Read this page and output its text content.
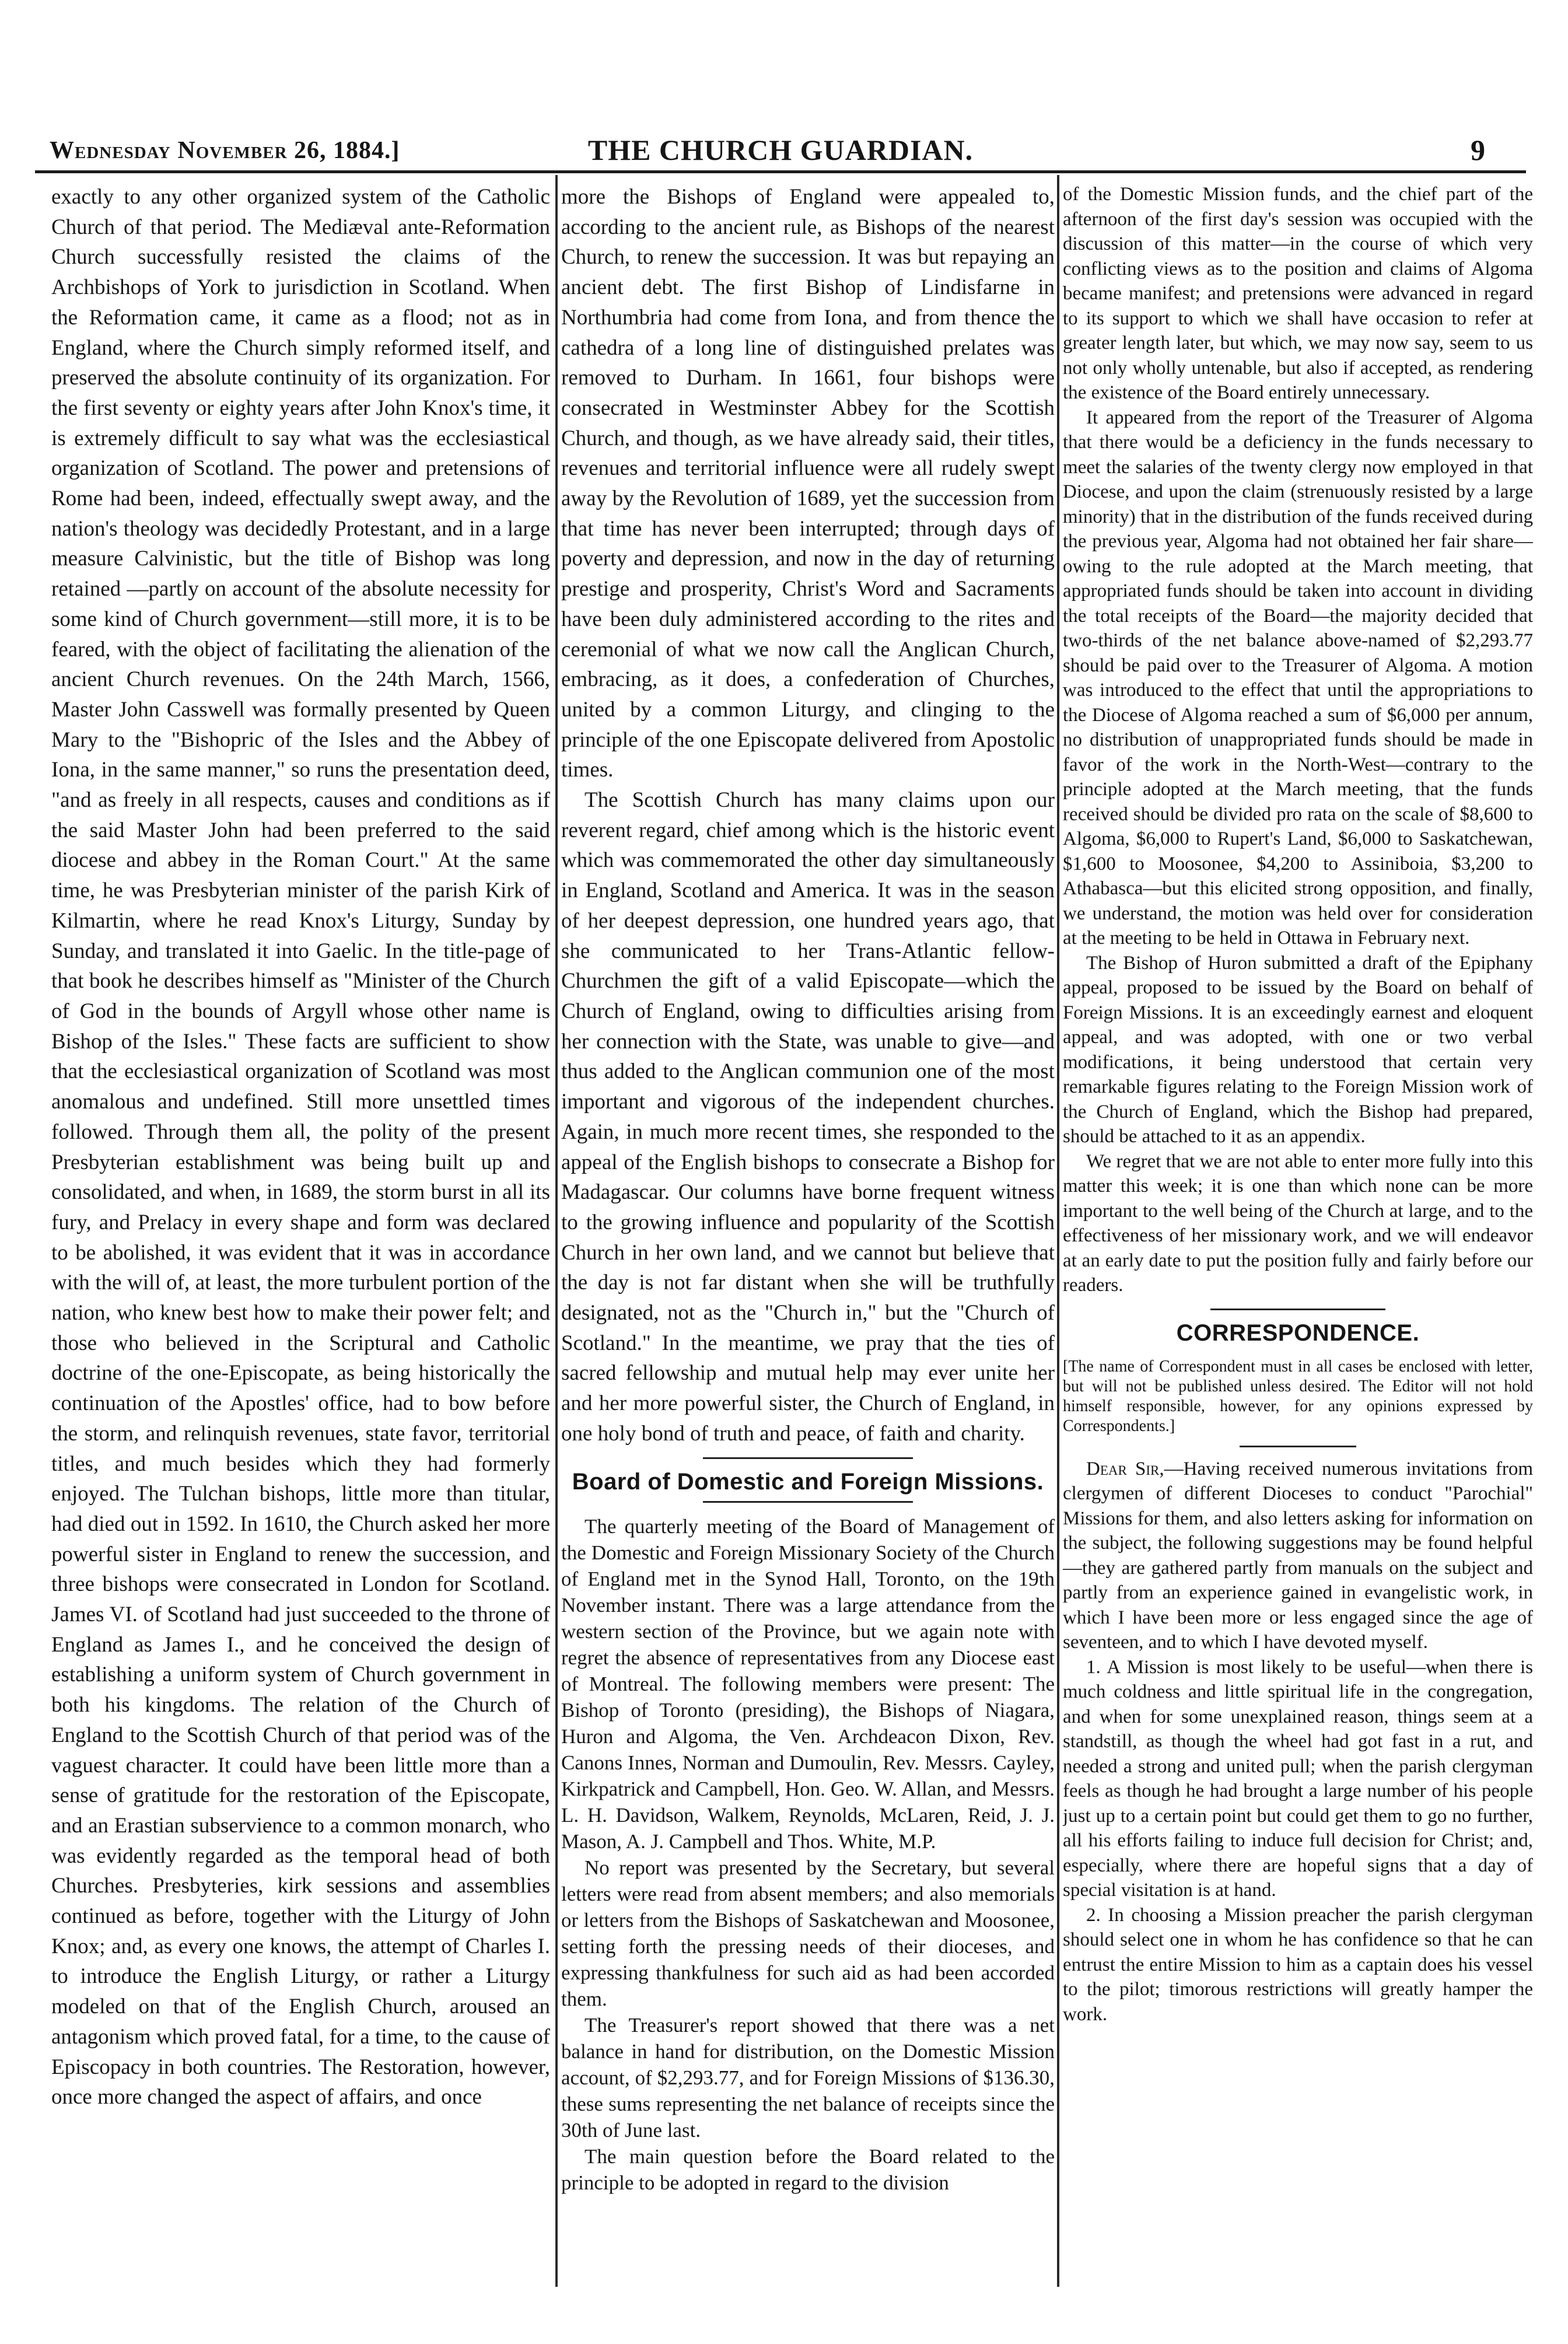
Wednesday November 26, 1884.]	THE CHURCH GUARDIAN.	9

exactly to any other organized system of the Catholic Church of that period. The Mediæval ante-Reformation Church successfully resisted the claims of the Archbishops of York to jurisdiction in Scotland. When the Reformation came, it came as a flood; not as in England, where the Church simply reformed itself, and preserved the absolute continuity of its organization. For the first seventy or eighty years after John Knox's time, it is extremely difficult to say what was the ecclesiastical organization of Scotland. The power and pretensions of Rome had been, indeed, effectually swept away, and the nation's theology was decidedly Protestant, and in a large measure Calvinistic, but the title of Bishop was long retained —partly on account of the absolute necessity for some kind of Church government—still more, it is to be feared, with the object of facilitating the alienation of the ancient Church revenues. On the 24th March, 1566, Master John Casswell was formally presented by Queen Mary to the "Bishopric of the Isles and the Abbey of Iona, in the same manner," so runs the presentation deed, "and as freely in all respects, causes and conditions as if the said Master John had been preferred to the said diocese and abbey in the Roman Court." At the same time, he was Presbyterian minister of the parish Kirk of Kilmartin, where he read Knox's Liturgy, Sunday by Sunday, and translated it into Gaelic. In the title-page of that book he describes himself as "Minister of the Church of God in the bounds of Argyll whose other name is Bishop of the Isles." These facts are sufficient to show that the ecclesiastical organization of Scotland was most anomalous and undefined. Still more unsettled times followed. Through them all, the polity of the present Presbyterian establishment was being built up and consolidated, and when, in 1689, the storm burst in all its fury, and Prelacy in every shape and form was declared to be abolished, it was evident that it was in accordance with the will of, at least, the more turbulent portion of the nation, who knew best how to make their power felt; and those who believed in the Scriptural and Catholic doctrine of the one-Episcopate, as being historically the continuation of the Apostles' office, had to bow before the storm, and relinquish revenues, state favor, territorial titles, and much besides which they had formerly enjoyed. The Tulchan bishops, little more than titular, had died out in 1592. In 1610, the Church asked her more powerful sister in England to renew the succession, and three bishops were consecrated in London for Scotland. James VI. of Scotland had just succeeded to the throne of England as James I., and he conceived the design of establishing a uniform system of Church government in both his kingdoms. The relation of the Church of England to the Scottish Church of that period was of the vaguest character. It could have been little more than a sense of gratitude for the restoration of the Episcopate, and an Erastian subservience to a common monarch, who was evidently regarded as the temporal head of both Churches. Presbyteries, kirk sessions and assemblies continued as before, together with the Liturgy of John Knox; and, as every one knows, the attempt of Charles I. to introduce the English Liturgy, or rather a Liturgy modeled on that of the English Church, aroused an antagonism which proved fatal, for a time, to the cause of Episcopacy in both countries. The Restoration, however, once more changed the aspect of affairs, and once

more the Bishops of England were appealed to, according to the ancient rule, as Bishops of the nearest Church, to renew the succession. It was but repaying an ancient debt. The first Bishop of Lindisfarne in Northumbria had come from Iona, and from thence the cathedra of a long line of distinguished prelates was removed to Durham. In 1661, four bishops were consecrated in Westminster Abbey for the Scottish Church, and though, as we have already said, their titles, revenues and territorial influence were all rudely swept away by the Revolution of 1689, yet the succession from that time has never been interrupted; through days of poverty and depression, and now in the day of returning prestige and prosperity, Christ's Word and Sacraments have been duly administered according to the rites and ceremonial of what we now call the Anglican Church, embracing, as it does, a confederation of Churches, united by a common Liturgy, and clinging to the principle of the one Episcopate delivered from Apostolic times.

The Scottish Church has many claims upon our reverent regard, chief among which is the historic event which was commemorated the other day simultaneously in England, Scotland and America. It was in the season of her deepest depression, one hundred years ago, that she communicated to her Trans-Atlantic fellow-Churchmen the gift of a valid Episcopate—which the Church of England, owing to difficulties arising from her connection with the State, was unable to give—and thus added to the Anglican communion one of the most important and vigorous of the independent churches. Again, in much more recent times, she responded to the appeal of the English bishops to consecrate a Bishop for Madagascar. Our columns have borne frequent witness to the growing influence and popularity of the Scottish Church in her own land, and we cannot but believe that the day is not far distant when she will be truthfully designated, not as the "Church in," but the "Church of Scotland." In the meantime, we pray that the ties of sacred fellowship and mutual help may ever unite her and her more powerful sister, the Church of England, in one holy bond of truth and peace, of faith and charity.

Board of Domestic and Foreign Missions.

The quarterly meeting of the Board of Management of the Domestic and Foreign Missionary Society of the Church of England met in the Synod Hall, Toronto, on the 19th November instant. There was a large attendance from the western section of the Province, but we again note with regret the absence of representatives from any Diocese east of Montreal. The following members were present: The Bishop of Toronto (presiding), the Bishops of Niagara, Huron and Algoma, the Ven. Archdeacon Dixon, Rev. Canons Innes, Norman and Dumoulin, Rev. Messrs. Cayley, Kirkpatrick and Campbell, Hon. Geo. W. Allan, and Messrs. L. H. Davidson, Walkem, Reynolds, McLaren, Reid, J. J. Mason, A. J. Campbell and Thos. White, M.P.

No report was presented by the Secretary, but several letters were read from absent members; and also memorials or letters from the Bishops of Saskatchewan and Moosonee, setting forth the pressing needs of their dioceses, and expressing thankfulness for such aid as had been accorded them.

The Treasurer's report showed that there was a net balance in hand for distribution, on the Domestic Mission account, of $2,293.77, and for Foreign Missions of $136.30, these sums representing the net balance of receipts since the 30th of June last.

The main question before the Board related to the principle to be adopted in regard to the division

of the Domestic Mission funds, and the chief part of the afternoon of the first day's session was occupied with the discussion of this matter—in the course of which very conflicting views as to the position and claims of Algoma became manifest; and pretensions were advanced in regard to its support to which we shall have occasion to refer at greater length later, but which, we may now say, seem to us not only wholly untenable, but also if accepted, as rendering the existence of the Board entirely unnecessary.

It appeared from the report of the Treasurer of Algoma that there would be a deficiency in the funds necessary to meet the salaries of the twenty clergy now employed in that Diocese, and upon the claim (strenuously resisted by a large minority) that in the distribution of the funds received during the previous year, Algoma had not obtained her fair share—owing to the rule adopted at the March meeting, that appropriated funds should be taken into account in dividing the total receipts of the Board—the majority decided that two-thirds of the net balance above-named of $2,293.77 should be paid over to the Treasurer of Algoma. A motion was introduced to the effect that until the appropriations to the Diocese of Algoma reached a sum of $6,000 per annum, no distribution of unappropriated funds should be made in favor of the work in the North-West—contrary to the principle adopted at the March meeting, that the funds received should be divided pro rata on the scale of $8,600 to Algoma, $6,000 to Rupert's Land, $6,000 to Saskatchewan, $1,600 to Moosonee, $4,200 to Assiniboia, $3,200 to Athabasca—but this elicited strong opposition, and finally, we understand, the motion was held over for consideration at the meeting to be held in Ottawa in February next.

The Bishop of Huron submitted a draft of the Epiphany appeal, proposed to be issued by the Board on behalf of Foreign Missions. It is an exceedingly earnest and eloquent appeal, and was adopted, with one or two verbal modifications, it being understood that certain very remarkable figures relating to the Foreign Mission work of the Church of England, which the Bishop had prepared, should be attached to it as an appendix.

We regret that we are not able to enter more fully into this matter this week; it is one than which none can be more important to the well being of the Church at large, and to the effectiveness of her missionary work, and we will endeavor at an early date to put the position fully and fairly before our readers.

CORRESPONDENCE.

[The name of Correspondent must in all cases be enclosed with letter, but will not be published unless desired. The Editor will not hold himself responsible, however, for any opinions expressed by Correspondents.]

Dear Sir,—Having received numerous invitations from clergymen of different Dioceses to conduct "Parochial" Missions for them, and also letters asking for information on the subject, the following suggestions may be found helpful—they are gathered partly from manuals on the subject and partly from an experience gained in evangelistic work, in which I have been more or less engaged since the age of seventeen, and to which I have devoted myself.

1. A Mission is most likely to be useful—when there is much coldness and little spiritual life in the congregation, and when for some unexplained reason, things seem at a standstill, as though the wheel had got fast in a rut, and needed a strong and united pull; when the parish clergyman feels as though he had brought a large number of his people just up to a certain point but could get them to go no further, all his efforts failing to induce full decision for Christ; and, especially, where there are hopeful signs that a day of special visitation is at hand.

2. In choosing a Mission preacher the parish clergyman should select one in whom he has confidence so that he can entrust the entire Mission to him as a captain does his vessel to the pilot; timorous restrictions will greatly hamper the work.
